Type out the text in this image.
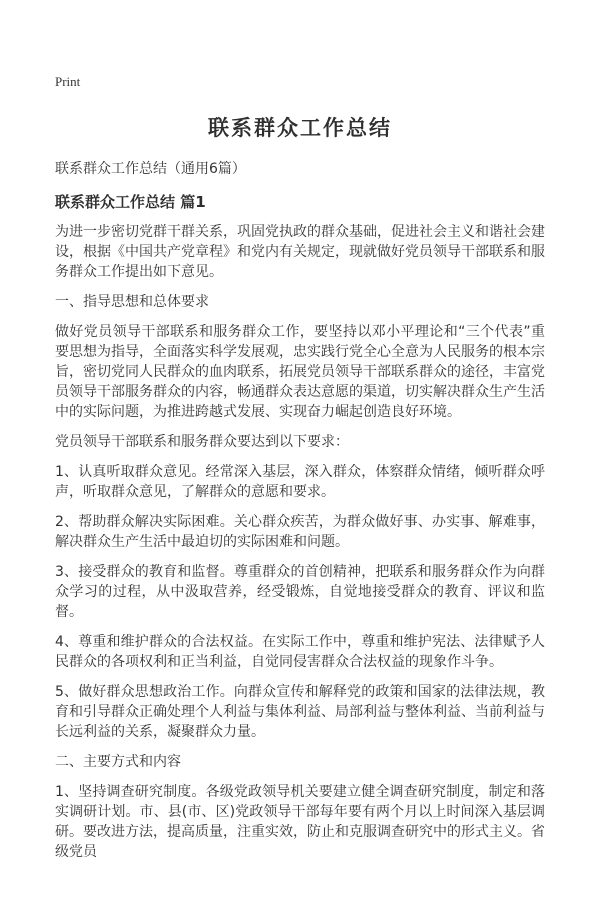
Print
联系群众工作总结

联系群众工作总结（通用6篇）

联系群众工作总结 篇1

为进一步密切党群干群关系，巩固党执政的群众基础，促进社会主义和谐社会建设，根据《中国共产党章程》和党内有关规定，现就做好党员领导干部联系和服务群众工作提出如下意见。

一、指导思想和总体要求

做好党员领导干部联系和服务群众工作，要坚持以邓小平理论和“三个代表”重要思想为指导，全面落实科学发展观，忠实践行党全心全意为人民服务的根本宗旨，密切党同人民群众的血肉联系，拓展党员领导干部联系群众的途径，丰富党员领导干部服务群众的内容，畅通群众表达意愿的渠道，切实解决群众生产生活中的实际问题，为推进跨越式发展、实现奋力崛起创造良好环境。

党员领导干部联系和服务群众要达到以下要求：

1、认真听取群众意见。经常深入基层，深入群众，体察群众情绪，倾听群众呼声，听取群众意见，了解群众的意愿和要求。

2、帮助群众解决实际困难。关心群众疾苦，为群众做好事、办实事、解难事，解决群众生产生活中最迫切的实际困难和问题。

3、接受群众的教育和监督。尊重群众的首创精神，把联系和服务群众作为向群众学习的过程，从中汲取营养，经受锻炼，自觉地接受群众的教育、评议和监督。

4、尊重和维护群众的合法权益。在实际工作中，尊重和维护宪法、法律赋予人民群众的各项权利和正当利益，自觉同侵害群众合法权益的现象作斗争。

5、做好群众思想政治工作。向群众宣传和解释党的政策和国家的法律法规，教育和引导群众正确处理个人利益与集体利益、局部利益与整体利益、当前利益与长远利益的关系，凝聚群众力量。

二、主要方式和内容

1、坚持调查研究制度。各级党政领导机关要建立健全调查研究制度，制定和落实调研计划。市、县(市、区)党政领导干部每年要有两个月以上时间深入基层调研。要改进方法，提高质量，注重实效，防止和克服调查研究中的形式主义。省级党员
